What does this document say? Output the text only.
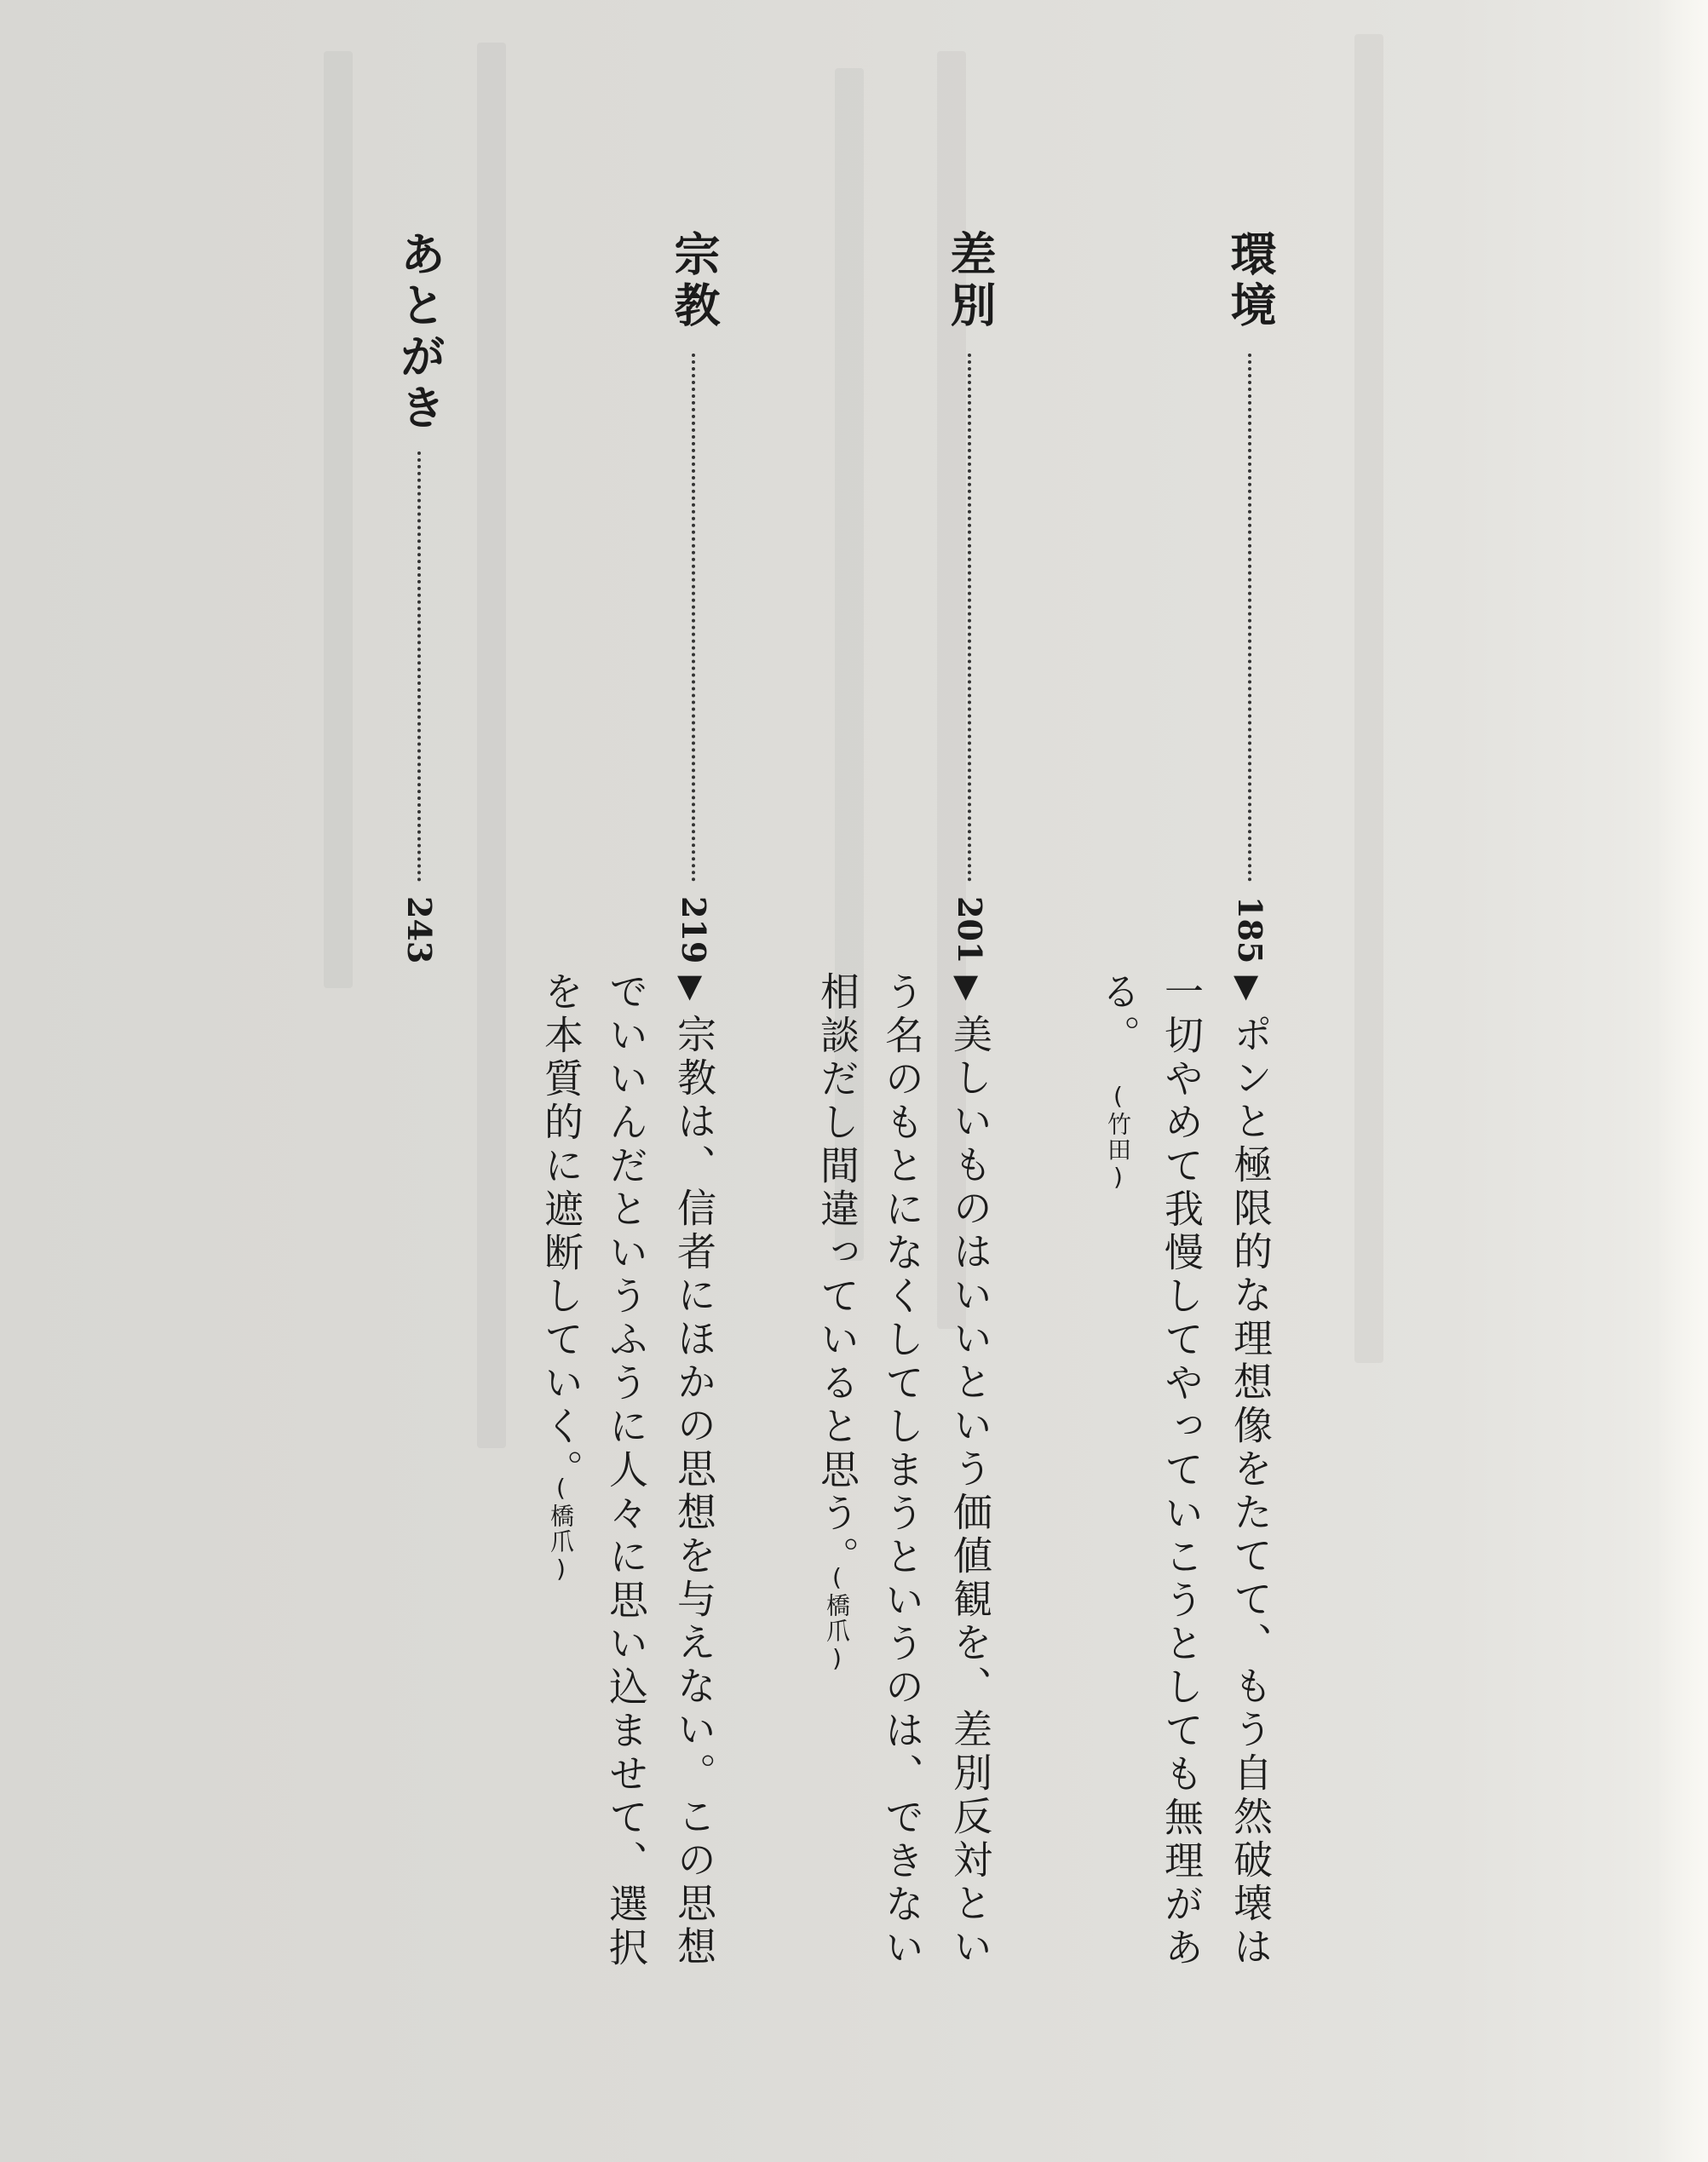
環境
185
▼
ポンと極限的な理想像をたてて、もう自然破壊は
一切やめて我慢してやっていこうとしても無理があ
る。
(竹田)
差別
201
▼
美しいものはいいという価値観を、差別反対とい
う名のもとになくしてしまうというのは、できない
相談だし間違っていると思う。
(橋爪)
宗教
219
▼
宗教は、信者にほかの思想を与えない。この思想
でいいんだというふうに人々に思い込ませて、選択
を本質的に遮断していく。
(橋爪)
あとがき
243
